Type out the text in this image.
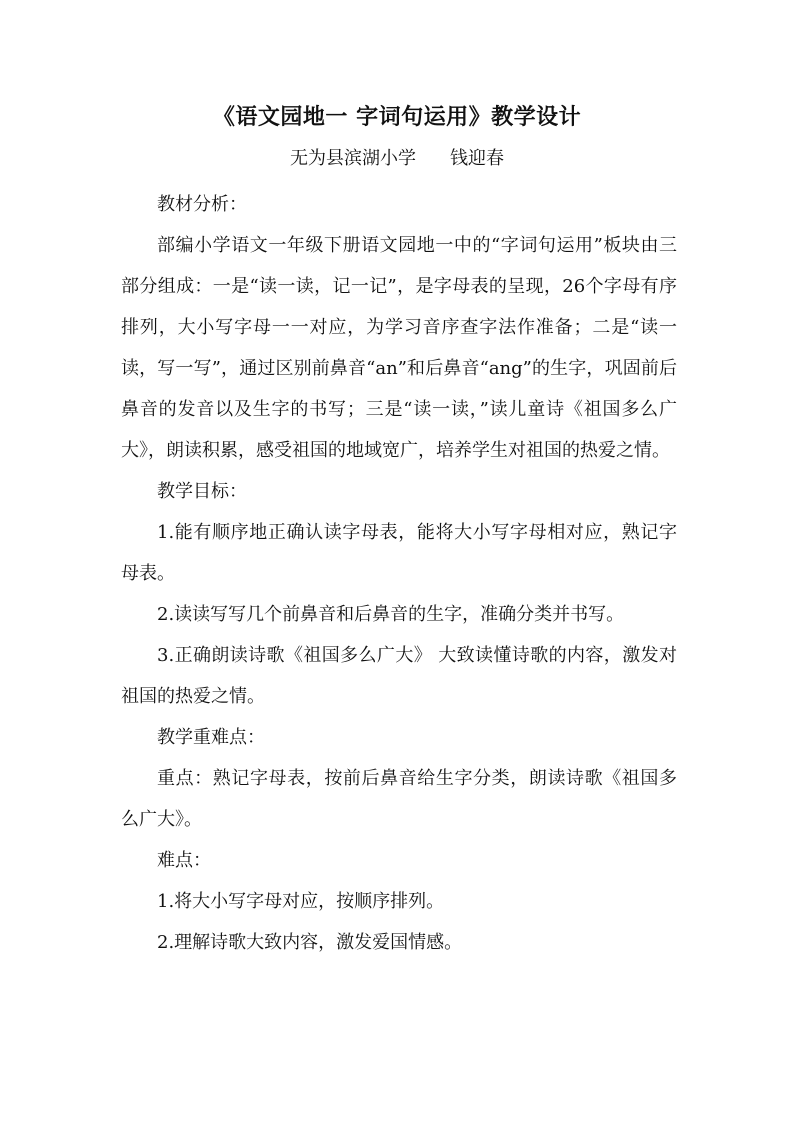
《语文园地一 字词句运用》教学设计
无为县滨湖小学 钱迎春

教材分析：

部编小学语文一年级下册语文园地一中的“字词句运用”板块由三部分组成：一是“读一读，记一记”，是字母表的呈现，26个字母有序排列，大小写字母一一对应，为学习音序查字法作准备；二是“读一读，写一写”，通过区别前鼻音“an”和后鼻音“ang”的生字，巩固前后鼻音的发音以及生字的书写；三是“读一读，”读儿童诗《祖国多么广大》，朗读积累，感受祖国的地域宽广，培养学生对祖国的热爱之情。

教学目标：

1.能有顺序地正确认读字母表，能将大小写字母相对应，熟记字母表。

2.读读写写几个前鼻音和后鼻音的生字，准确分类并书写。

3.正确朗读诗歌《祖国多么广大》 大致读懂诗歌的内容，激发对祖国的热爱之情。

教学重难点：

重点：熟记字母表，按前后鼻音给生字分类，朗读诗歌《祖国多么广大》。

难点：

1.将大小写字母对应，按顺序排列。

2.理解诗歌大致内容，激发爱国情感。
